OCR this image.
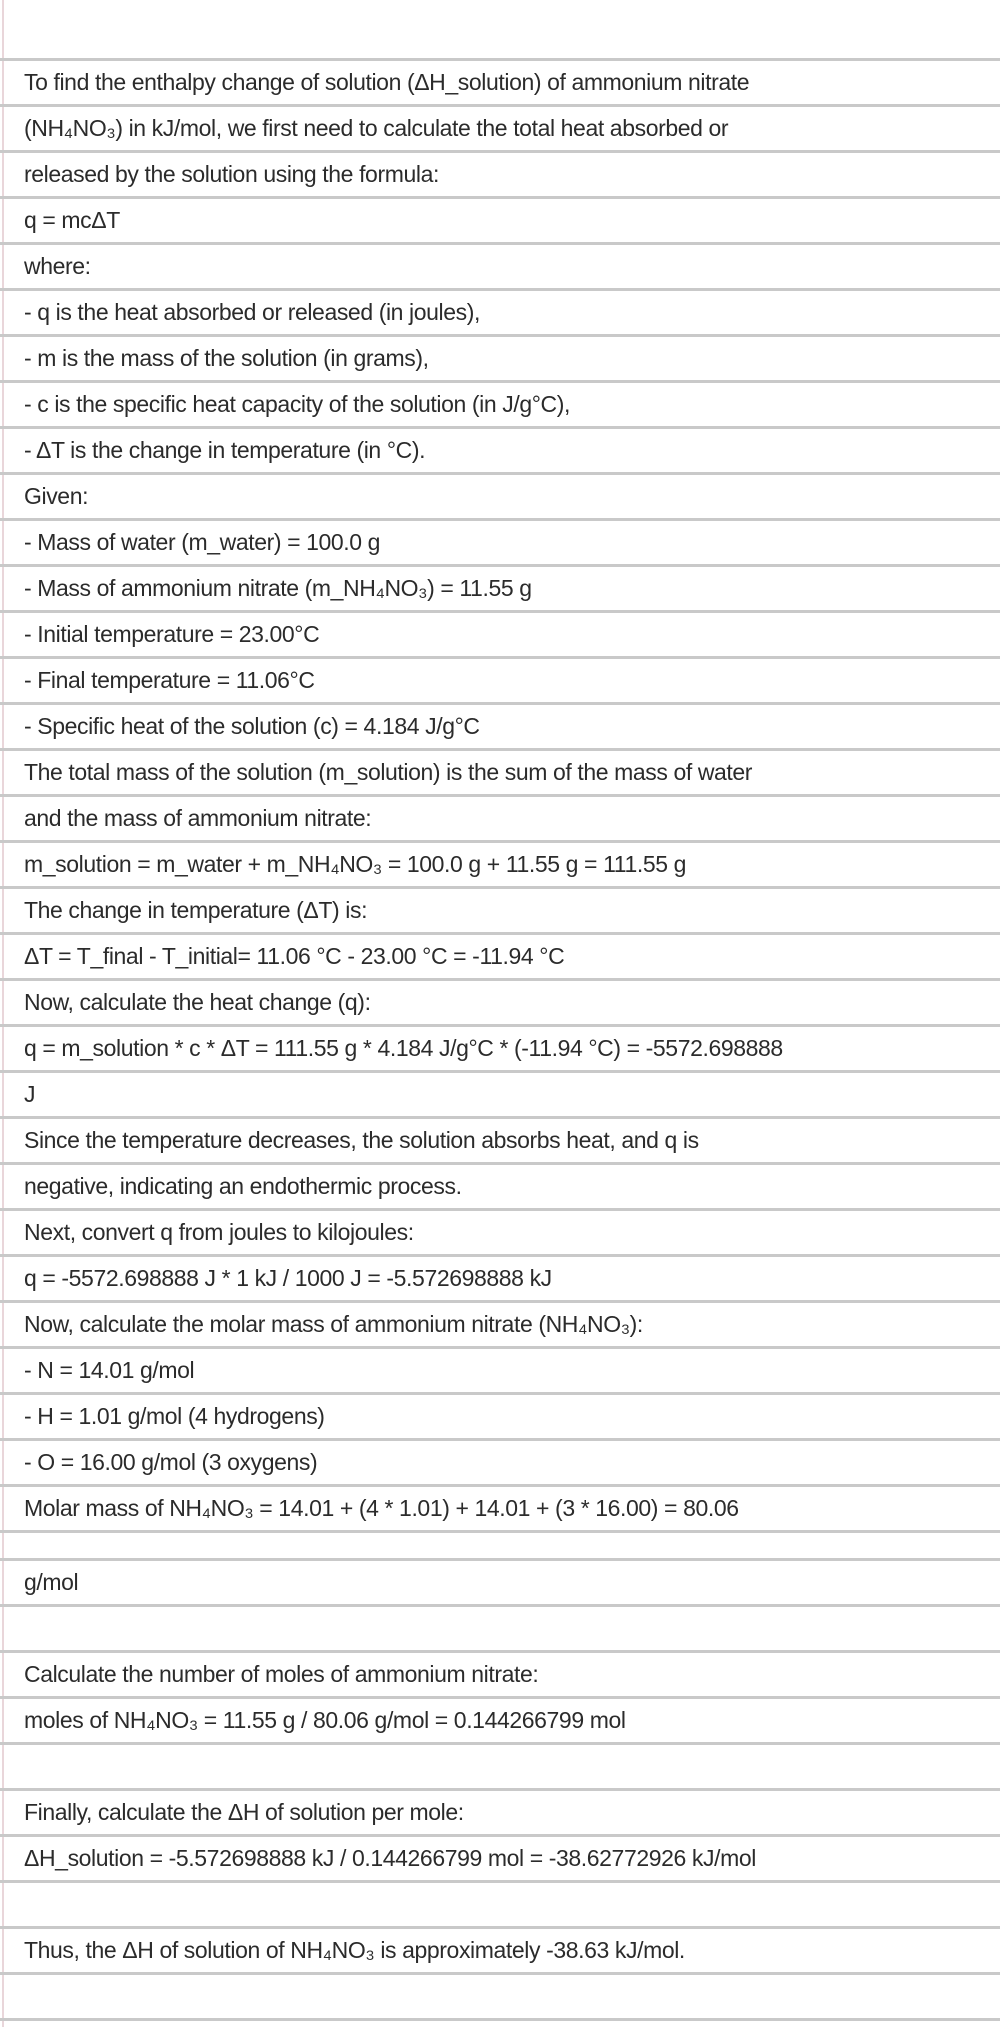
To find the enthalpy change of solution (ΔH_solution) of ammonium nitrate
(NH₄NO₃) in kJ/mol, we first need to calculate the total heat absorbed or
released by the solution using the formula:
q = mcΔT
where:
- q is the heat absorbed or released (in joules),
- m is the mass of the solution (in grams),
- c is the specific heat capacity of the solution (in J/g°C),
- ΔT is the change in temperature (in °C).
Given:
- Mass of water (m_water) = 100.0 g
- Mass of ammonium nitrate (m_NH₄NO₃) = 11.55 g
- Initial temperature = 23.00°C
- Final temperature = 11.06°C
- Specific heat of the solution (c) = 4.184 J/g°C
The total mass of the solution (m_solution) is the sum of the mass of water
and the mass of ammonium nitrate:
m_solution = m_water + m_NH₄NO₃ = 100.0 g + 11.55 g = 111.55 g
The change in temperature (ΔT) is:
ΔT = T_final - T_initial= 11.06 °C - 23.00 °C = -11.94 °C
Now, calculate the heat change (q):
q = m_solution * c * ΔT = 111.55 g * 4.184 J/g°C * (-11.94 °C) = -5572.698888
J
Since the temperature decreases, the solution absorbs heat, and q is
negative, indicating an endothermic process.
Next, convert q from joules to kilojoules:
q = -5572.698888 J * 1 kJ / 1000 J = -5.572698888 kJ
Now, calculate the molar mass of ammonium nitrate (NH₄NO₃):
- N = 14.01 g/mol
- H = 1.01 g/mol (4 hydrogens)
- O = 16.00 g/mol (3 oxygens)
Molar mass of NH₄NO₃ = 14.01 + (4 * 1.01) + 14.01 + (3 * 16.00) = 80.06
g/mol
Calculate the number of moles of ammonium nitrate:
moles of NH₄NO₃ = 11.55 g / 80.06 g/mol = 0.144266799 mol
Finally, calculate the ΔH of solution per mole:
ΔH_solution = -5.572698888 kJ / 0.144266799 mol = -38.62772926 kJ/mol
Thus, the ΔH of solution of NH₄NO₃ is approximately -38.63 kJ/mol.
